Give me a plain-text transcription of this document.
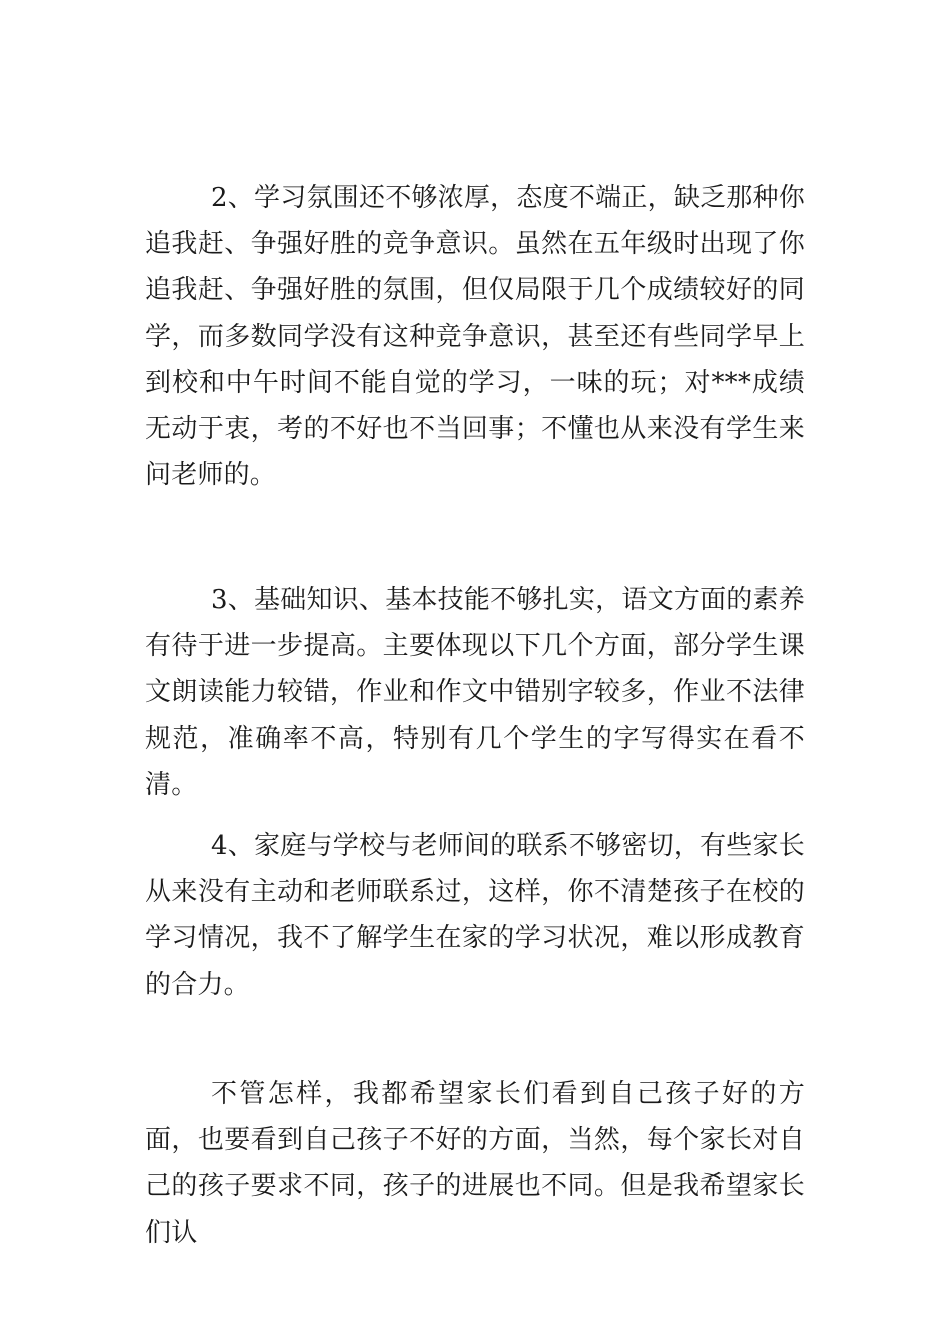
2、学习氛围还不够浓厚，态度不端正，缺乏那种你追我赶、争强好胜的竞争意识。虽然在五年级时出现了你追我赶、争强好胜的氛围，但仅局限于几个成绩较好的同学，而多数同学没有这种竞争意识，甚至还有些同学早上到校和中午时间不能自觉的学习，一味的玩；对***成绩无动于衷，考的不好也不当回事；不懂也从来没有学生来问老师的。

3、基础知识、基本技能不够扎实，语文方面的素养有待于进一步提高。主要体现以下几个方面，部分学生课文朗读能力较错，作业和作文中错别字较多，作业不法律规范，准确率不高，特别有几个学生的字写得实在看不清。

4、家庭与学校与老师间的联系不够密切，有些家长从来没有主动和老师联系过，这样，你不清楚孩子在校的学习情况，我不了解学生在家的学习状况，难以形成教育的合力。

不管怎样，我都希望家长们看到自己孩子好的方面，也要看到自己孩子不好的方面，当然，每个家长对自己的孩子要求不同，孩子的进展也不同。但是我希望家长们认
